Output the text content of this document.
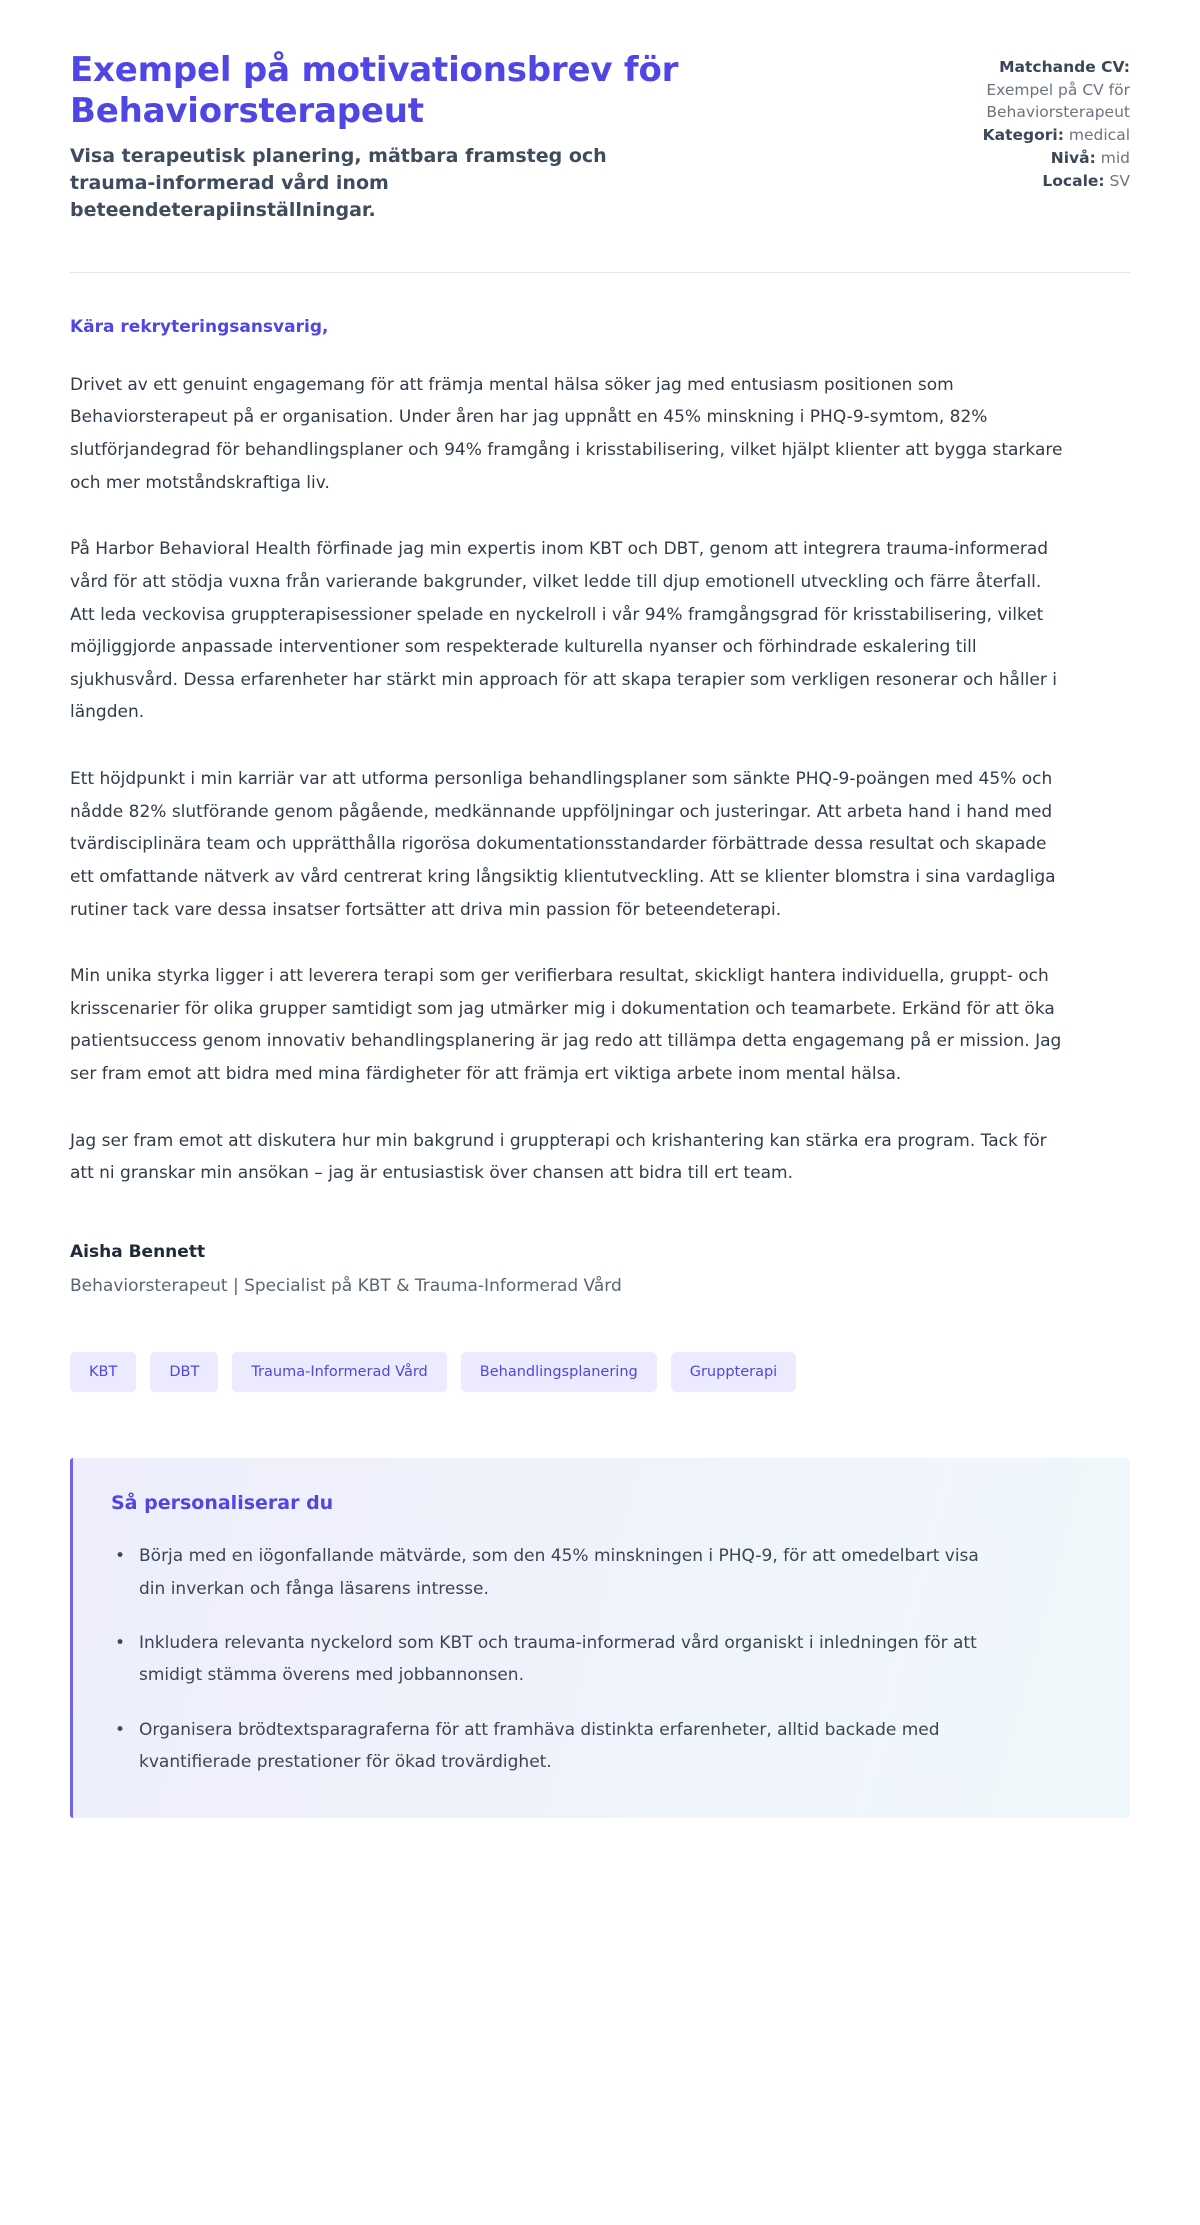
Exempel på motivationsbrev för Behaviorsterapeut

Visa terapeutisk planering, mätbara framsteg och trauma-informerad vård inom beteendeterapiinställningar.

Matchande CV:
Exempel på CV för Behaviorsterapeut
Kategori: medical
Nivå: mid
Locale: SV

Kära rekryteringsansvarig,

Drivet av ett genuint engagemang för att främja mental hälsa söker jag med entusiasm positionen som Behaviorsterapeut på er organisation. Under åren har jag uppnått en 45% minskning i PHQ-9-symtom, 82% slutförjandegrad för behandlingsplaner och 94% framgång i krisstabilisering, vilket hjälpt klienter att bygga starkare och mer motståndskraftiga liv.

På Harbor Behavioral Health förfinade jag min expertis inom KBT och DBT, genom att integrera trauma-informerad vård för att stödja vuxna från varierande bakgrunder, vilket ledde till djup emotionell utveckling och färre återfall. Att leda veckovisa gruppterapisessioner spelade en nyckelroll i vår 94% framgångsgrad för krisstabilisering, vilket möjliggjorde anpassade interventioner som respekterade kulturella nyanser och förhindrade eskalering till sjukhusvård. Dessa erfarenheter har stärkt min approach för att skapa terapier som verkligen resonerar och håller i längden.

Ett höjdpunkt i min karriär var att utforma personliga behandlingsplaner som sänkte PHQ-9-poängen med 45% och nådde 82% slutförande genom pågående, medkännande uppföljningar och justeringar. Att arbeta hand i hand med tvärdisciplinära team och upprätthålla rigorösa dokumentationsstandarder förbättrade dessa resultat och skapade ett omfattande nätverk av vård centrerat kring långsiktig klientutveckling. Att se klienter blomstra i sina vardagliga rutiner tack vare dessa insatser fortsätter att driva min passion för beteendeterapi.

Min unika styrka ligger i att leverera terapi som ger verifierbara resultat, skickligt hantera individuella, gruppt- och krisscenarier för olika grupper samtidigt som jag utmärker mig i dokumentation och teamarbete. Erkänd för att öka patientsuccess genom innovativ behandlingsplanering är jag redo att tillämpa detta engagemang på er mission. Jag ser fram emot att bidra med mina färdigheter för att främja ert viktiga arbete inom mental hälsa.

Jag ser fram emot att diskutera hur min bakgrund i gruppterapi och krishantering kan stärka era program. Tack för att ni granskar min ansökan – jag är entusiastisk över chansen att bidra till ert team.

Aisha Bennett

Behaviorsterapeut | Specialist på KBT & Trauma-Informerad Vård

KBT	DBT	Trauma-Informerad Vård	Behandlingsplanering	Gruppterapi
Så personaliserar du
• Börja med en iögonfallande mätvärde, som den 45% minskningen i PHQ-9, för att omedelbart visa din inverkan och fånga läsarens intresse.
• Inkludera relevanta nyckelord som KBT och trauma-informerad vård organiskt i inledningen för att smidigt stämma överens med jobbannonsen.
• Organisera brödtextsparagraferna för att framhäva distinkta erfarenheter, alltid backade med kvantifierade prestationer för ökad trovärdighet.
